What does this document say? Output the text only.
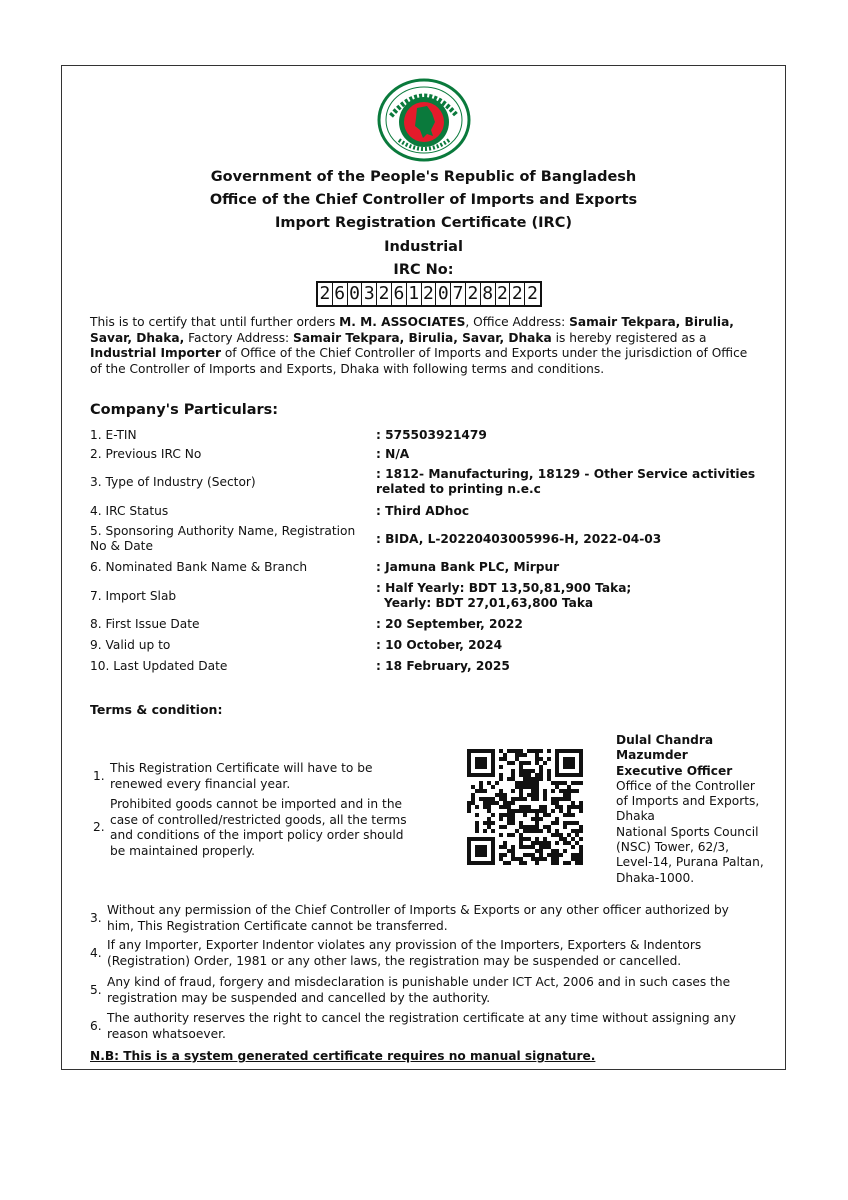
Government of the People's Republic of Bangladesh
Office of the Chief Controller of Imports and Exports
Import Registration Certificate (IRC)
Industrial
IRC No:
2 6 0 3 2 6 1 2 0 7 2 8 2 2 2
This is to certify that until further orders M. M. ASSOCIATES, Office Address: Samair Tekpara, Birulia, Savar, Dhaka, Factory Address: Samair Tekpara, Birulia, Savar, Dhaka is hereby registered as a Industrial Importer of Office of the Chief Controller of Imports and Exports under the jurisdiction of Office of the Controller of Imports and Exports, Dhaka with following terms and conditions.
Company's Particulars:
1. E-TIN	: 575503921479
2. Previous IRC No	: N/A
3. Type of Industry (Sector)
: 1812- Manufacturing, 18129 - Other Service activities related to printing n.e.c
4. IRC Status	: Third ADhoc
5. Sponsoring Authority Name, Registration No & Date	: BIDA, L-20220403005996-H, 2022-04-03
6. Nominated Bank Name & Branch	: Jamuna Bank PLC, Mirpur
7. Import Slab
: Half Yearly: BDT 13,50,81,900 Taka;
Yearly: BDT 27,01,63,800 Taka
8. First Issue Date	: 20 September, 2022
9. Valid up to	: 10 October, 2024
10. Last Updated Date	: 18 February, 2025
Terms & condition:
1.
This Registration Certificate will have to be renewed every financial year.
2.
Prohibited goods cannot be imported and in the case of controlled/restricted goods, all the terms and conditions of the import policy order should be maintained properly.
Dulal Chandra Mazumder
Executive Officer
Office of the Controller of Imports and Exports, Dhaka
National Sports Council (NSC) Tower, 62/3, Level-14, Purana Paltan, Dhaka-1000.
3.
Without any permission of the Chief Controller of Imports & Exports or any other officer authorized by him, This Registration Certificate cannot be transferred.
4.
If any Importer, Exporter Indentor violates any provission of the Importers, Exporters & Indentors (Registration) Order, 1981 or any other laws, the registration may be suspended or cancelled.
5.
Any kind of fraud, forgery and misdeclaration is punishable under ICT Act, 2006 and in such cases the registration may be suspended and cancelled by the authority.
6.
The authority reserves the right to cancel the registration certificate at any time without assigning any reason whatsoever.
N.B: This is a system generated certificate requires no manual signature.
